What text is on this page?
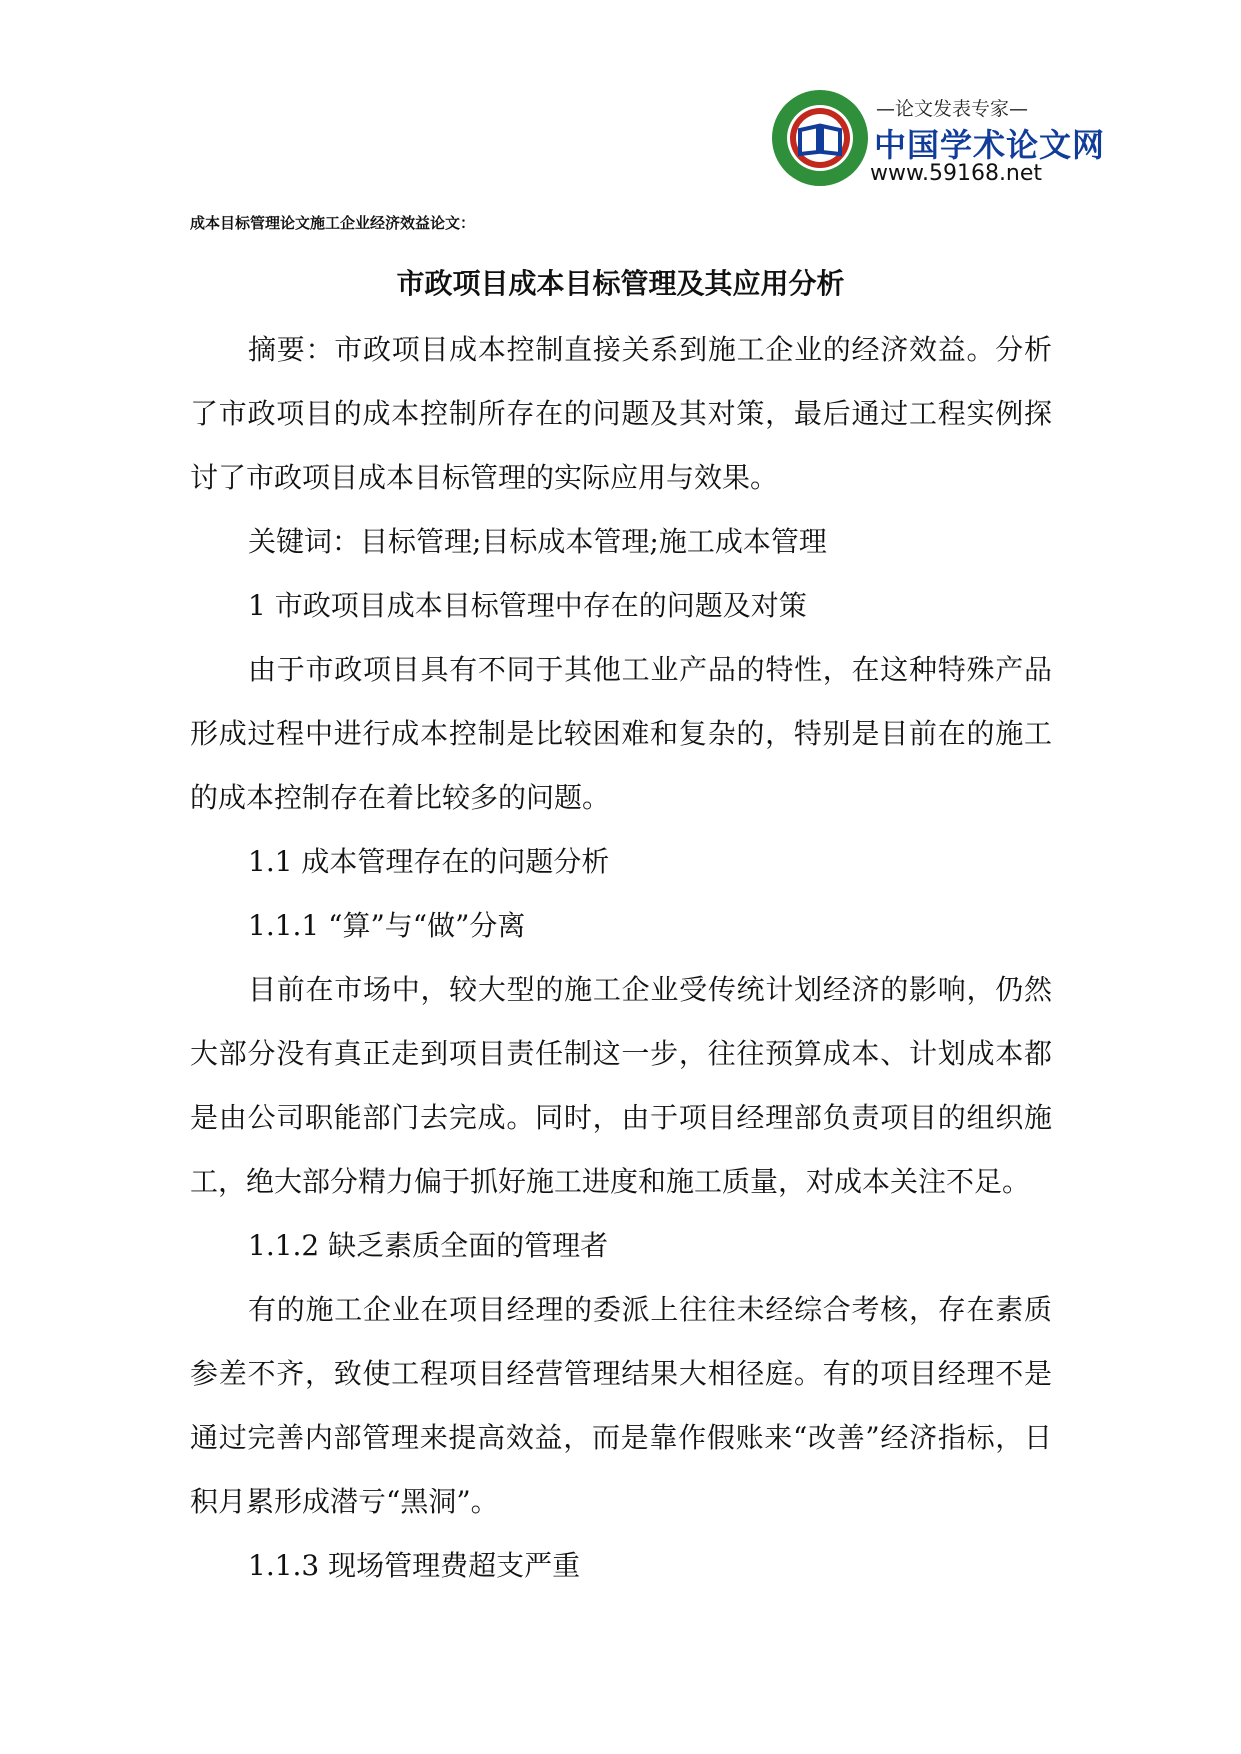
—论文发表专家—
中国学术论文网
www.59168.net
成本目标管理论文施工企业经济效益论文：
市政项目成本目标管理及其应用分析

摘要：市政项目成本控制直接关系到施工企业的经济效益。分析了市政项目的成本控制所存在的问题及其对策，最后通过工程实例探讨了市政项目成本目标管理的实际应用与效果。

关键词：目标管理;目标成本管理;施工成本管理

1 市政项目成本目标管理中存在的问题及对策

由于市政项目具有不同于其他工业产品的特性，在这种特殊产品形成过程中进行成本控制是比较困难和复杂的，特别是目前在的施工的成本控制存在着比较多的问题。

1.1 成本管理存在的问题分析

1.1.1 “算”与“做”分离

目前在市场中，较大型的施工企业受传统计划经济的影响，仍然大部分没有真正走到项目责任制这一步，往往预算成本、计划成本都是由公司职能部门去完成。同时，由于项目经理部负责项目的组织施工，绝大部分精力偏于抓好施工进度和施工质量，对成本关注不足。

1.1.2 缺乏素质全面的管理者

有的施工企业在项目经理的委派上往往未经综合考核，存在素质参差不齐，致使工程项目经营管理结果大相径庭。有的项目经理不是通过完善内部管理来提高效益，而是靠作假账来“改善”经济指标，日积月累形成潜亏“黑洞”。

1.1.3 现场管理费超支严重
